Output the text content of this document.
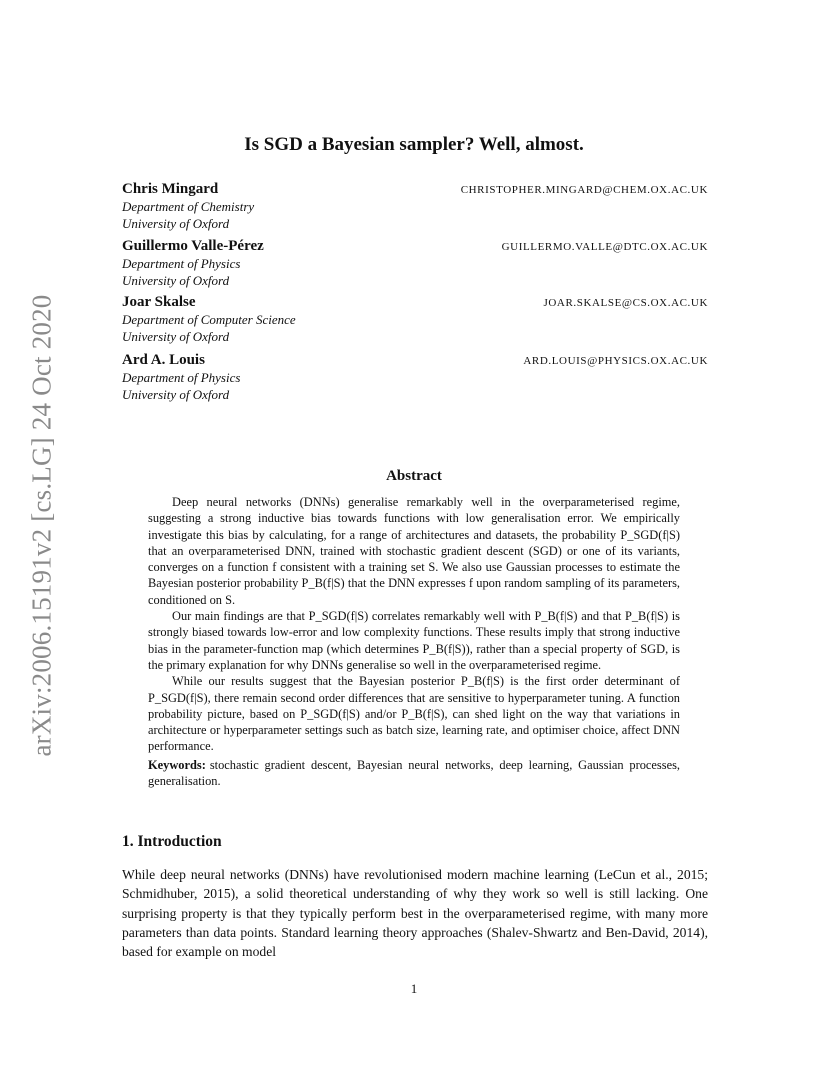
arXiv:2006.15191v2 [cs.LG] 24 Oct 2020
Is SGD a Bayesian sampler? Well, almost.
Chris Mingard	CHRISTOPHER.MINGARD@CHEM.OX.AC.UK
Department of Chemistry
University of Oxford
Guillermo Valle-Pérez	GUILLERMO.VALLE@DTC.OX.AC.UK
Department of Physics
University of Oxford
Joar Skalse	JOAR.SKALSE@CS.OX.AC.UK
Department of Computer Science
University of Oxford
Ard A. Louis	ARD.LOUIS@PHYSICS.OX.AC.UK
Department of Physics
University of Oxford
Abstract

Deep neural networks (DNNs) generalise remarkably well in the overparameterised regime, suggesting a strong inductive bias towards functions with low generalisation error. We empirically investigate this bias by calculating, for a range of architectures and datasets, the probability P_SGD(f|S) that an overparameterised DNN, trained with stochastic gradient descent (SGD) or one of its variants, converges on a function f consistent with a training set S. We also use Gaussian processes to estimate the Bayesian posterior probability P_B(f|S) that the DNN expresses f upon random sampling of its parameters, conditioned on S.

Our main findings are that P_SGD(f|S) correlates remarkably well with P_B(f|S) and that P_B(f|S) is strongly biased towards low-error and low complexity functions. These results imply that strong inductive bias in the parameter-function map (which determines P_B(f|S)), rather than a special property of SGD, is the primary explanation for why DNNs generalise so well in the overparameterised regime.

While our results suggest that the Bayesian posterior P_B(f|S) is the first order determinant of P_SGD(f|S), there remain second order differences that are sensitive to hyperparameter tuning. A function probability picture, based on P_SGD(f|S) and/or P_B(f|S), can shed light on the way that variations in architecture or hyperparameter settings such as batch size, learning rate, and optimiser choice, affect DNN performance.

Keywords: stochastic gradient descent, Bayesian neural networks, deep learning, Gaussian processes, generalisation.

1. Introduction

While deep neural networks (DNNs) have revolutionised modern machine learning (LeCun et al., 2015; Schmidhuber, 2015), a solid theoretical understanding of why they work so well is still lacking. One surprising property is that they typically perform best in the overparameterised regime, with many more parameters than data points. Standard learning theory approaches (Shalev-Shwartz and Ben-David, 2014), based for example on model

1
